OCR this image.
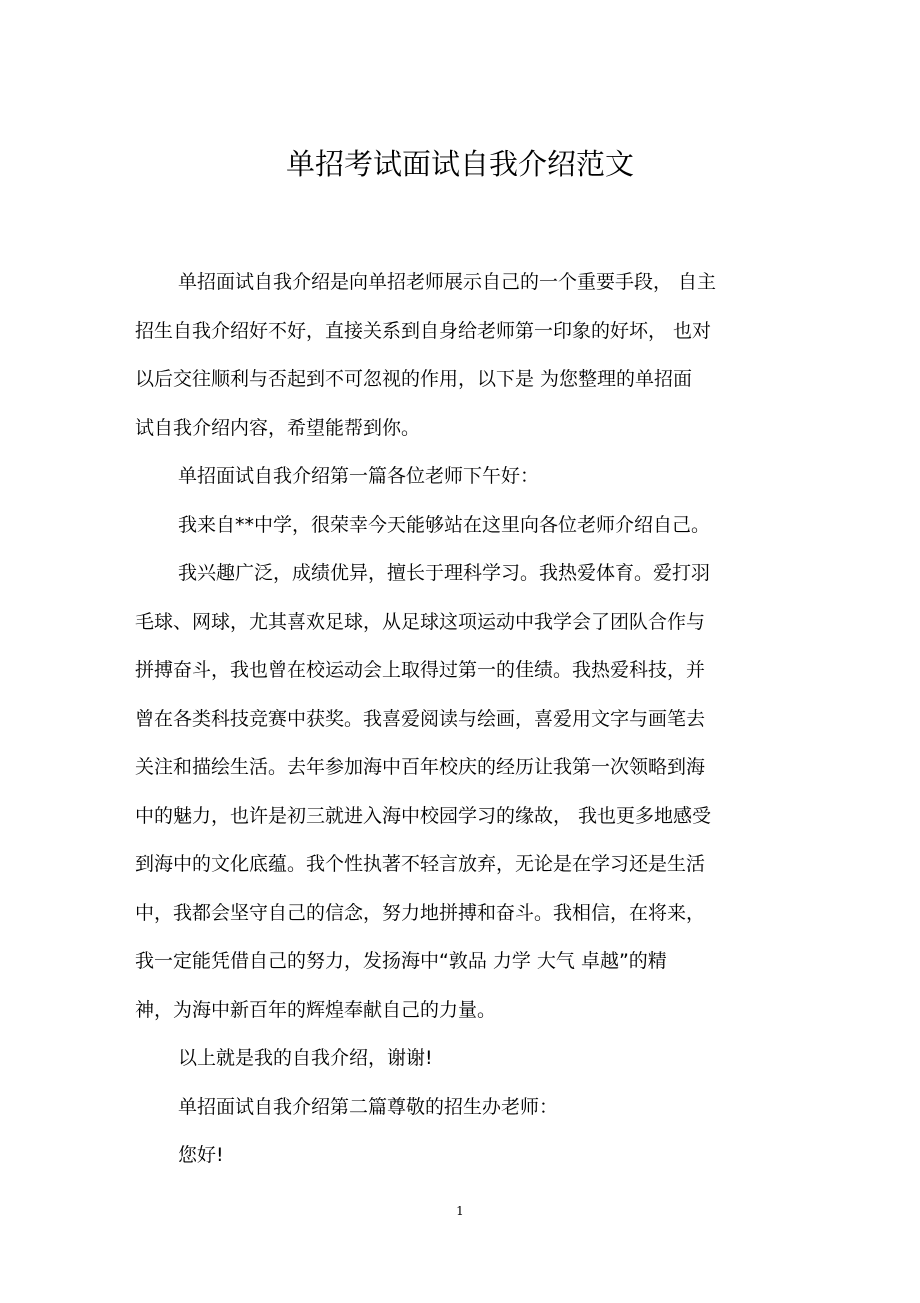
单招考试面试自我介绍范文

单招面试自我介绍是向单招老师展示自己的一个重要手段， 自主
招生自我介绍好不好，直接关系到自身给老师第一印象的好坏， 也对
以后交往顺利与否起到不可忽视的作用，以下是 为您整理的单招面
试自我介绍内容，希望能帮到你。

单招面试自我介绍第一篇各位老师下午好：

我来自**中学，很荣幸今天能够站在这里向各位老师介绍自己。

我兴趣广泛，成绩优异，擅长于理科学习。我热爱体育。爱打羽
毛球、网球，尤其喜欢足球，从足球这项运动中我学会了团队合作与
拼搏奋斗，我也曾在校运动会上取得过第一的佳绩。我热爱科技，并
曾在各类科技竞赛中获奖。我喜爱阅读与绘画，喜爱用文字与画笔去
关注和描绘生活。去年参加海中百年校庆的经历让我第一次领略到海
中的魅力，也许是初三就进入海中校园学习的缘故， 我也更多地感受
到海中的文化底蕴。我个性执著不轻言放弃，无论是在学习还是生活
中，我都会坚守自己的信念，努力地拼搏和奋斗。我相信，在将来，
我一定能凭借自己的努力，发扬海中“敦品 力学 大气 卓越”的精
神，为海中新百年的辉煌奉献自己的力量。

以上就是我的自我介绍，谢谢!

单招面试自我介绍第二篇尊敬的招生办老师：

您好!

1
